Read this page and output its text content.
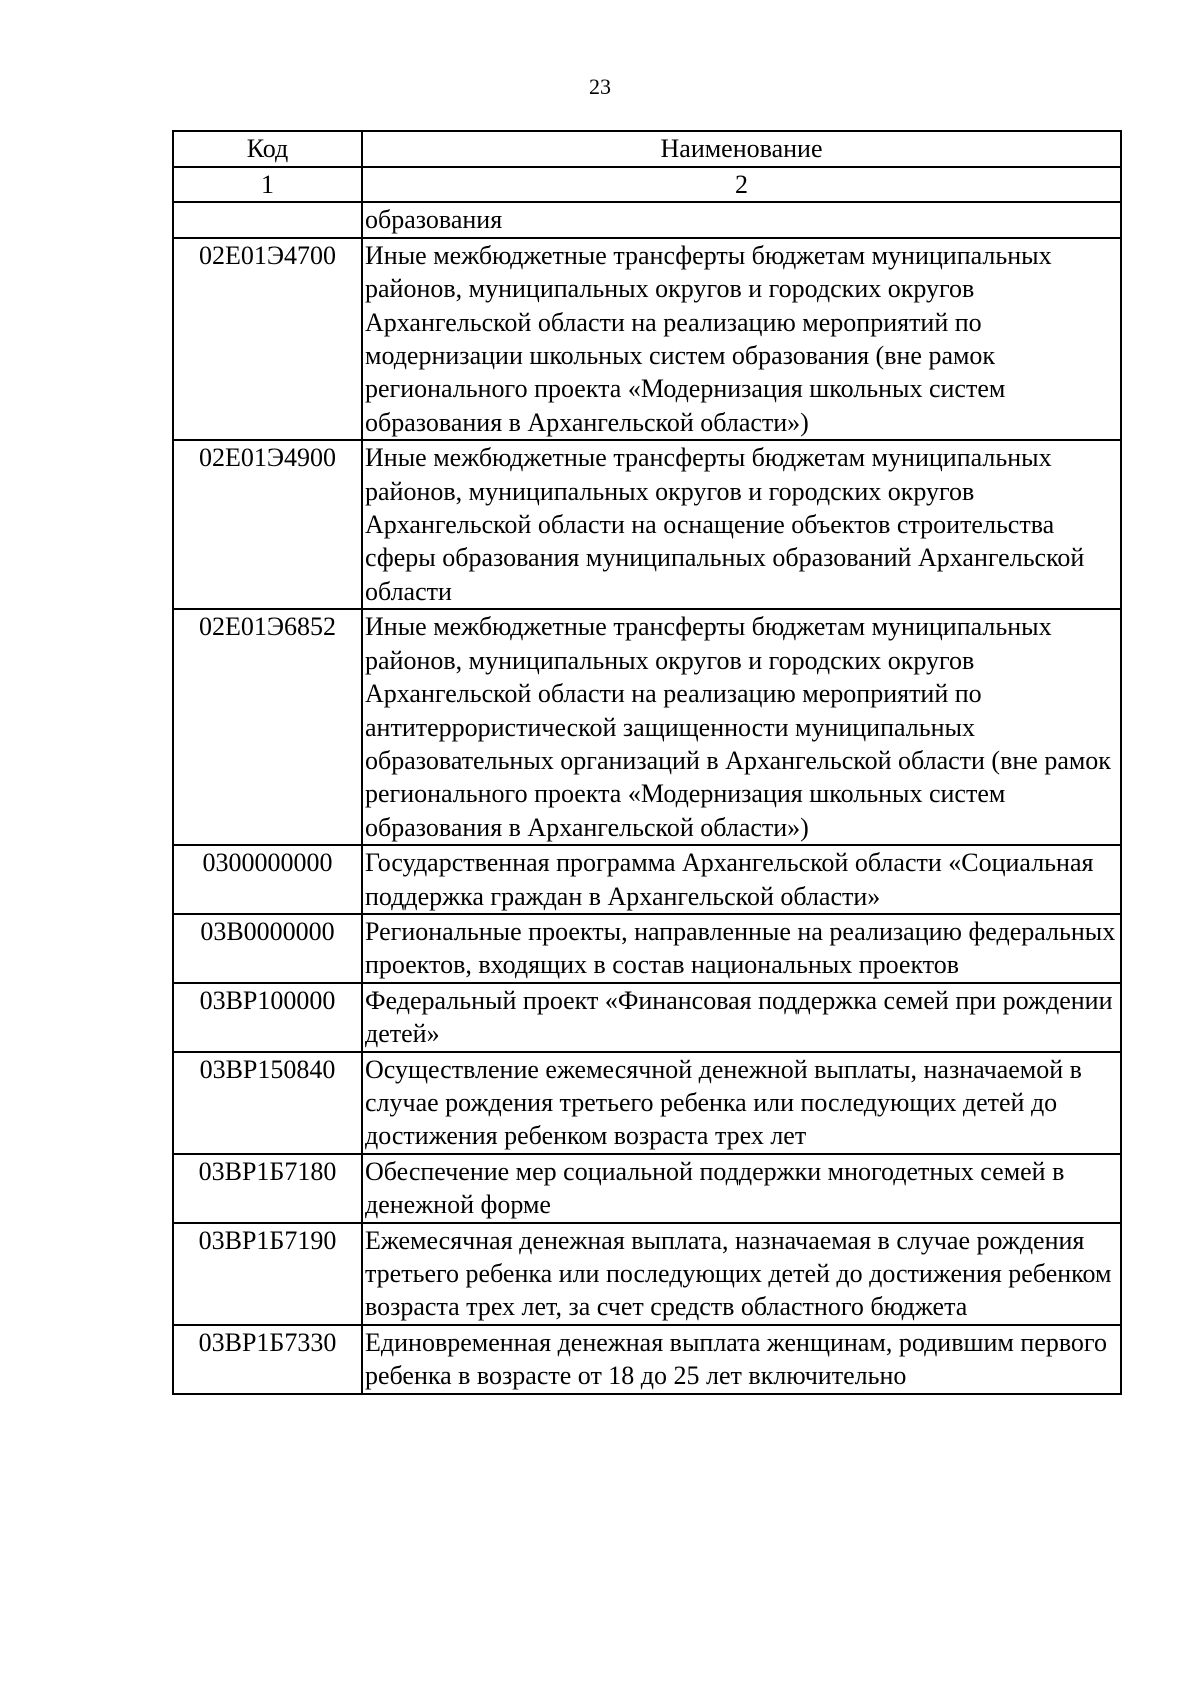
23
Код	Наименование
1	2
	образования
02Е01Э4700	Иные межбюджетные трансферты бюджетам муниципальных районов, муниципальных округов и городских округов Архангельской области на реализацию мероприятий по модернизации школьных систем образования (вне рамок регионального проекта «Модернизация школьных систем образования в Архангельской области»)
02Е01Э4900	Иные межбюджетные трансферты бюджетам муниципальных районов, муниципальных округов и городских округов Архангельской области на оснащение объектов строительства сферы образования муниципальных образований Архангельской области
02Е01Э6852	Иные межбюджетные трансферты бюджетам муниципальных районов, муниципальных округов и городских округов Архангельской области на реализацию мероприятий по антитеррористической защищенности муниципальных образовательных организаций в Архангельской области (вне рамок регионального проекта «Модернизация школьных систем образования в Архангельской области»)
0300000000	Государственная программа Архангельской области «Социальная поддержка граждан в Архангельской области»
03В0000000	Региональные проекты, направленные на реализацию федеральных проектов, входящих в состав национальных проектов
03ВР100000	Федеральный проект «Финансовая поддержка семей при рождении детей»
03ВР150840	Осуществление ежемесячной денежной выплаты, назначаемой в случае рождения третьего ребенка или последующих детей до достижения ребенком возраста трех лет
03ВР1Б7180	Обеспечение мер социальной поддержки многодетных семей в денежной форме
03ВР1Б7190	Ежемесячная денежная выплата, назначаемая в случае рождения третьего ребенка или последующих детей до достижения ребенком возраста трех лет, за счет средств областного бюджета
03ВР1Б7330	Единовременная денежная выплата женщинам, родившим первого ребенка в возрасте от 18 до 25 лет включительно
